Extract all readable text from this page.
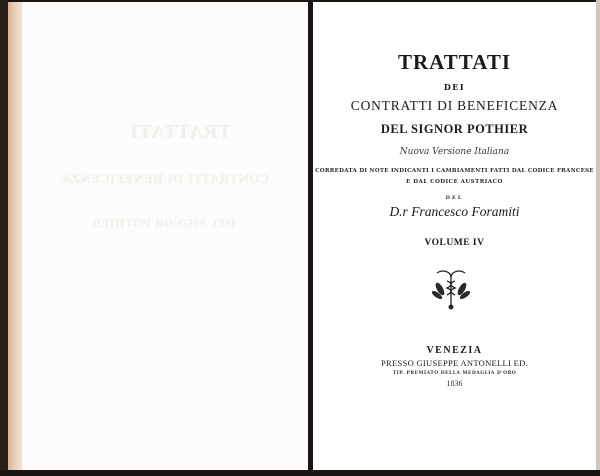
TRATTATI
CONTRATTI DI BENEFICENZA
DEL SIGNOR POTHIER
TRATTATI
DEI
CONTRATTI DI BENEFICENZA
DEL SIGNOR POTHIER
Nuova Versione Italiana
CORREDATA DI NOTE INDICANTI I CAMBIAMENTI FATTI DAL CODICE FRANCESE
E DAL CODICE AUSTRIACO
DEL
D.r Francesco Foramiti
VOLUME IV
VENEZIA
PRESSO GIUSEPPE ANTONELLI ED.
TIP. PREMIATO DELLA MEDAGLIA D'ORO
1836
